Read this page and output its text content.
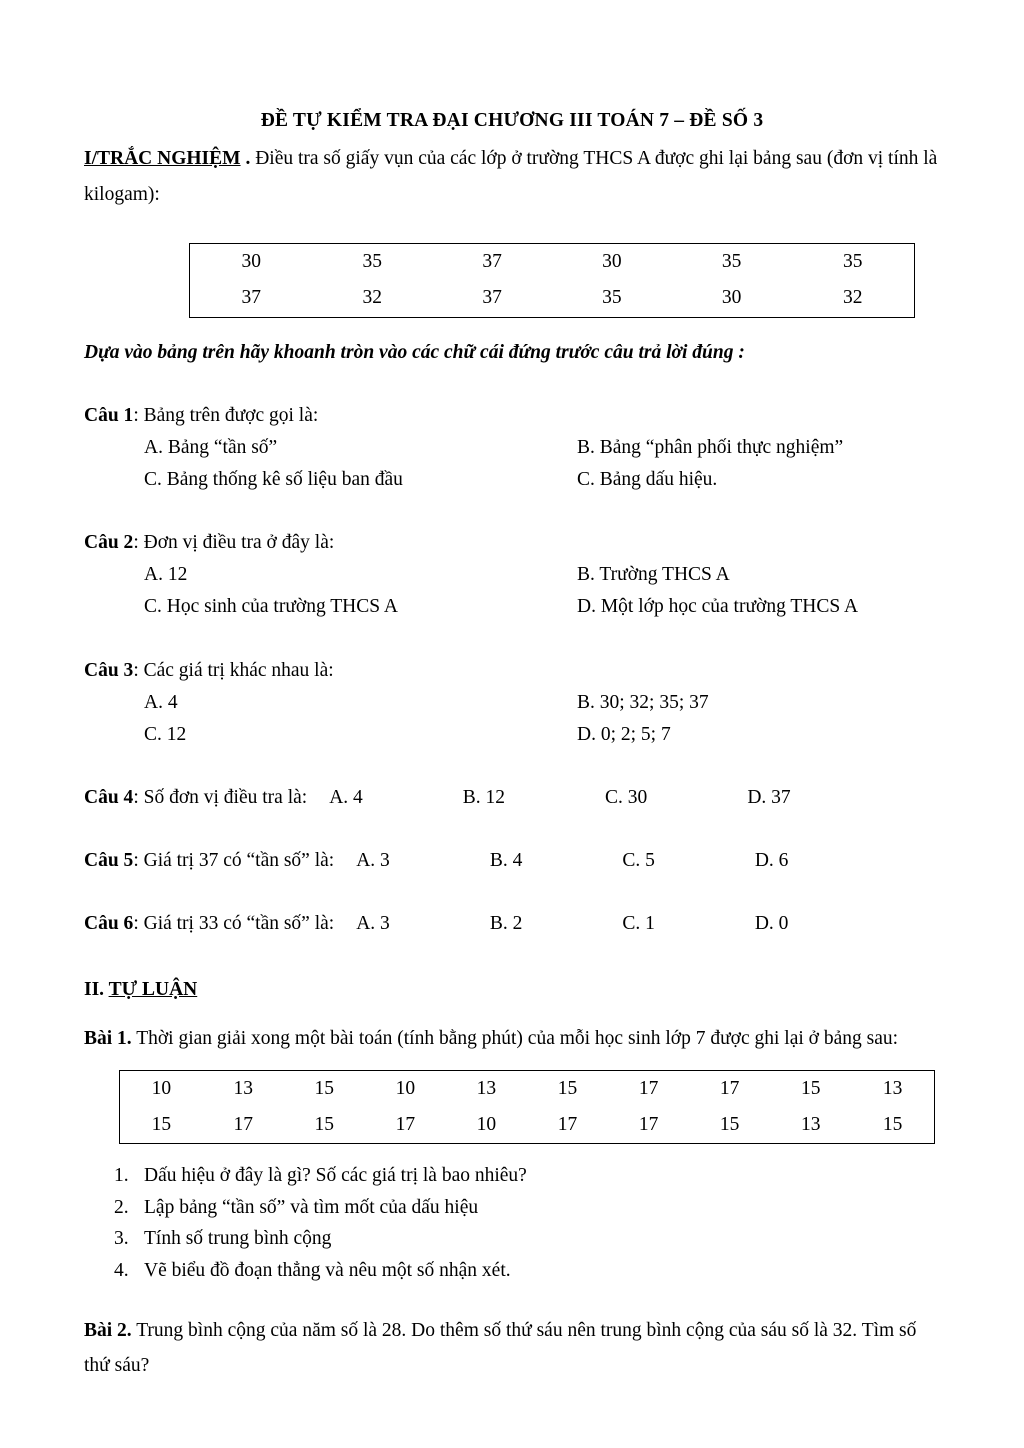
ĐỀ TỰ KIỂM TRA ĐẠI CHƯƠNG III TOÁN 7 – ĐỀ SỐ 3

I/TRẮC NGHIỆM . Điều tra số giấy vụn của các lớp ở trường THCS A được ghi lại bảng sau (đơn vị tính là kilogam):

30	35	37	30	35	35
37	32	37	35	30	32

Dựa vào bảng trên hãy khoanh tròn vào các chữ cái đứng trước câu trả lời đúng :

Câu 1: Bảng trên được gọi là:

A. Bảng “tần số”	B. Bảng “phân phối thực nghiệm”
C. Bảng thống kê số liệu ban đầu	C. Bảng dấu hiệu.

Câu 2: Đơn vị điều tra ở đây là:

A. 12	B. Trường THCS A
C. Học sinh của trường THCS A	D. Một lớp học của trường THCS A

Câu 3: Các giá trị khác nhau là:

A. 4	B. 30; 32; 35; 37
C. 12	D. 0; 2; 5; 7
Câu 4: Số đơn vị điều tra là: A. 4	B. 12	C. 30	D. 37
Câu 5: Giá trị 37 có “tần số” là: A. 3	B. 4	C. 5	D. 6
Câu 6: Giá trị 33 có “tần số” là: A. 3	B. 2	C. 1	D. 0

II. TỰ LUẬN

Bài 1. Thời gian giải xong một bài toán (tính bằng phút) của mỗi học sinh lớp 7 được ghi lại ở bảng sau:

10	13	15	10	13	15	17	17	15	13
15	17	15	17	10	17	17	15	13	15
1. Dấu hiệu ở đây là gì? Số các giá trị là bao nhiêu?
2. Lập bảng “tần số” và tìm mốt của dấu hiệu
3. Tính số trung bình cộng
4. Vẽ biểu đồ đoạn thẳng và nêu một số nhận xét.

Bài 2. Trung bình cộng của năm số là 28. Do thêm số thứ sáu nên trung bình cộng của sáu số là 32. Tìm số thứ sáu?
